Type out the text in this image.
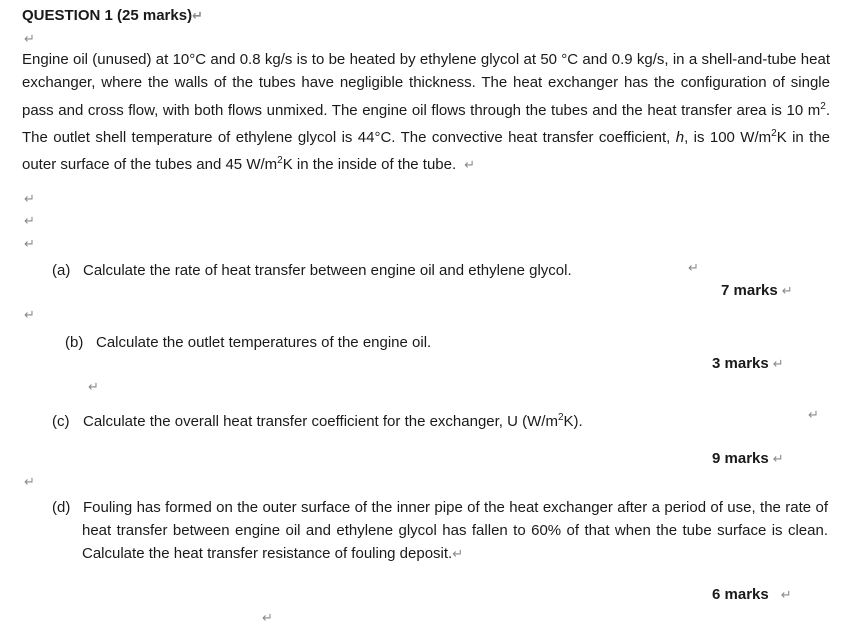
QUESTION 1 (25 marks)↵
↵
Engine oil (unused) at 10°C and 0.8 kg/s is to be heated by ethylene glycol at 50 °C and 0.9 kg/s, in a shell-and-tube heat exchanger, where the walls of the tubes have negligible thickness. The heat exchanger has the configuration of single pass and cross flow, with both flows unmixed. The engine oil flows through the tubes and the heat transfer area is 10 $m^2$. The outlet shell temperature of ethylene glycol is 44°C. The convective heat transfer coefficient, h, is 100 $W/m^2K$ in the outer surface of the tubes and 45 $W/m^2K$ in the inside of the tube. ↵
↵
↵
↵
(a) Calculate the rate of heat transfer between engine oil and ethylene glycol.	↵
7 marks ↵
↵
(b) Calculate the outlet temperatures of the engine oil.
3 marks ↵
↵
(c) Calculate the overall heat transfer coefficient for the exchanger, U $(W/m^2K)$.	↵
9 marks ↵
↵
(d) Fouling has formed on the outer surface of the inner pipe of the heat exchanger after a period of use, the rate of heat transfer between engine oil and ethylene glycol has fallen to 60% of that when the tube surface is clean. Calculate the heat transfer resistance of fouling deposit.↵
6 marks ↵
↵
